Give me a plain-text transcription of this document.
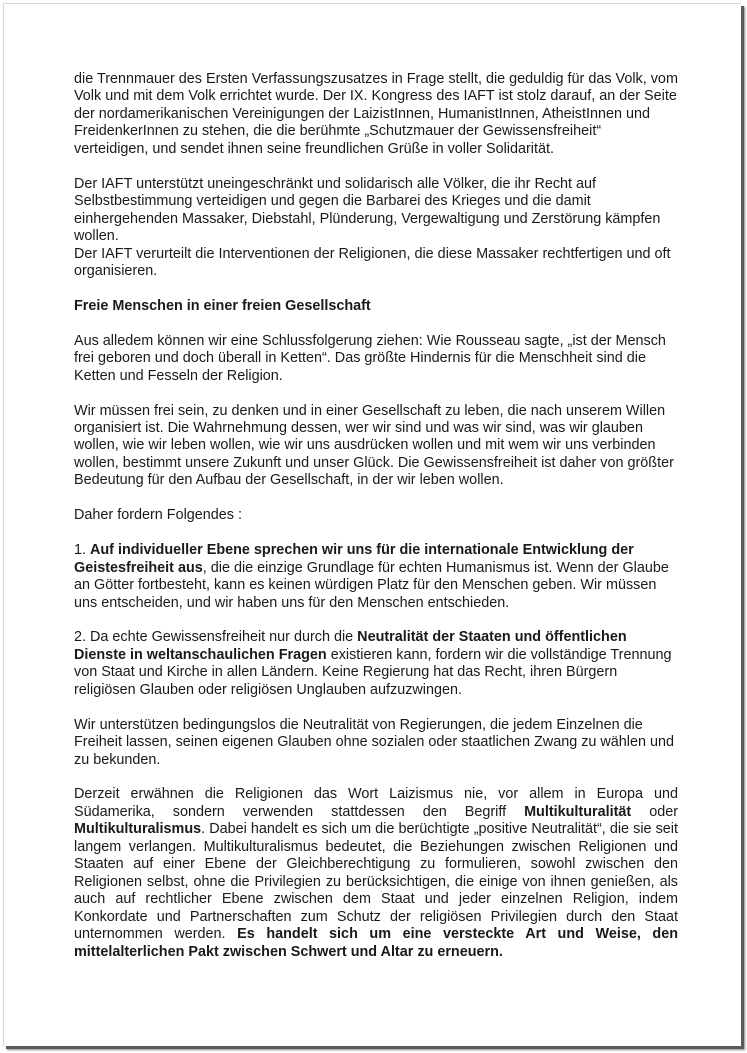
die Trennmauer des Ersten Verfassungszusatzes in Frage stellt, die geduldig für das Volk, vom Volk und mit dem Volk errichtet wurde. Der IX. Kongress des IAFT ist stolz darauf, an der Seite der nordamerikanischen Vereinigungen der LaizistInnen, HumanistInnen, AtheistInnen und FreidenkerInnen zu stehen, die die berühmte „Schutzmauer der Gewissensfreiheit“ verteidigen, und sendet ihnen seine freundlichen Grüße in voller Solidarität.

Der IAFT unterstützt uneingeschränkt und solidarisch alle Völker, die ihr Recht auf Selbstbestimmung verteidigen und gegen die Barbarei des Krieges und die damit einhergehenden Massaker, Diebstahl, Plünderung, Vergewaltigung und Zerstörung kämpfen wollen.

Der IAFT verurteilt die Interventionen der Religionen, die diese Massaker rechtfertigen und oft organisieren.

Freie Menschen in einer freien Gesellschaft

Aus alledem können wir eine Schlussfolgerung ziehen: Wie Rousseau sagte, „ist der Mensch frei geboren und doch überall in Ketten“. Das größte Hindernis für die Menschheit sind die Ketten und Fesseln der Religion.

Wir müssen frei sein, zu denken und in einer Gesellschaft zu leben, die nach unserem Willen organisiert ist. Die Wahrnehmung dessen, wer wir sind und was wir sind, was wir glauben wollen, wie wir leben wollen, wie wir uns ausdrücken wollen und mit wem wir uns verbinden wollen, bestimmt unsere Zukunft und unser Glück. Die Gewissensfreiheit ist daher von größter Bedeutung für den Aufbau der Gesellschaft, in der wir leben wollen.

Daher fordern Folgendes :

1. Auf individueller Ebene sprechen wir uns für die internationale Entwicklung der Geistesfreiheit aus, die die einzige Grundlage für echten Humanismus ist. Wenn der Glaube an Götter fortbesteht, kann es keinen würdigen Platz für den Menschen geben. Wir müssen uns entscheiden, und wir haben uns für den Menschen entschieden.

2. Da echte Gewissensfreiheit nur durch die Neutralität der Staaten und öffentlichen Dienste in weltanschaulichen Fragen existieren kann, fordern wir die vollständige Trennung von Staat und Kirche in allen Ländern. Keine Regierung hat das Recht, ihren Bürgern religiösen Glauben oder religiösen Unglauben aufzuzwingen.

Wir unterstützen bedingungslos die Neutralität von Regierungen, die jedem Einzelnen die Freiheit lassen, seinen eigenen Glauben ohne sozialen oder staatlichen Zwang zu wählen und zu bekunden.

Derzeit erwähnen die Religionen das Wort Laizismus nie, vor allem in Europa und Südamerika, sondern verwenden stattdessen den Begriff Multikulturalität oder Multikulturalismus. Dabei handelt es sich um die berüchtigte „positive Neutralität“, die sie seit langem verlangen. Multikulturalismus bedeutet, die Beziehungen zwischen Religionen und Staaten auf einer Ebene der Gleichberechtigung zu formulieren, sowohl zwischen den Religionen selbst, ohne die Privilegien zu berücksichtigen, die einige von ihnen genießen, als auch auf rechtlicher Ebene zwischen dem Staat und jeder einzelnen Religion, indem Konkordate und Partnerschaften zum Schutz der religiösen Privilegien durch den Staat unternommen werden. Es handelt sich um eine versteckte Art und Weise, den mittelalterlichen Pakt zwischen Schwert und Altar zu erneuern.
